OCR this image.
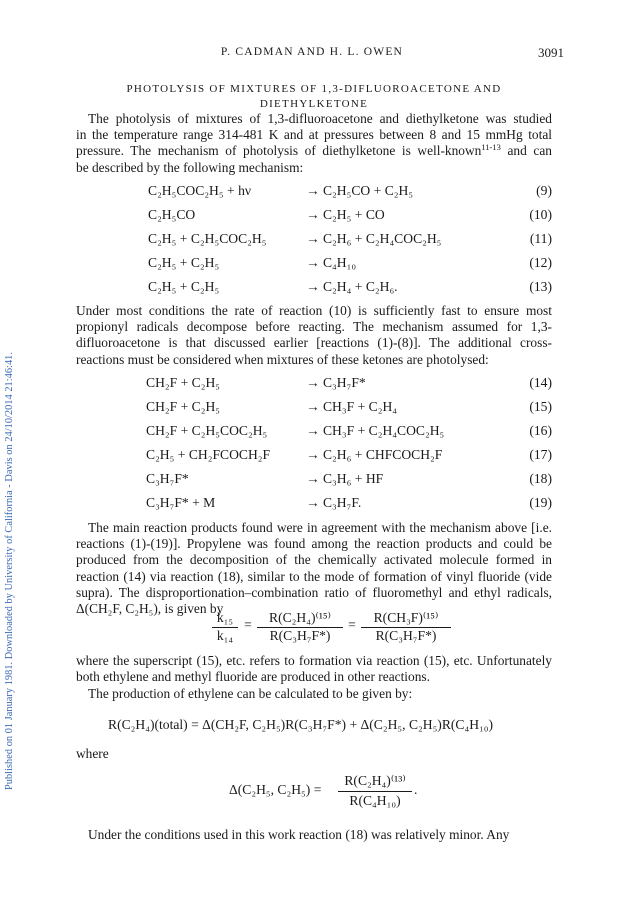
Published on 01 January 1981. Downloaded by University of California - Davis on 24/10/2014 21:46:41.
P. CADMAN AND H. L. OWEN	3091
PHOTOLYSIS OF MIXTURES OF 1,3-DIFLUOROACETONE AND
DIETHYLKETONE
The photolysis of mixtures of 1,3-difluoroacetone and diethylketone was studied
in the temperature range 314-481 K and at pressures between 8 and 15 mmHg total
pressure. The mechanism of photolysis of diethylketone is well-known$^{11-13}$ and can
be described by the following mechanism:
C₂H₅COC₂H₅ + hν	→ C₂H₅CO + C₂H₅	(9)
C₂H₅CO	→ C₂H₅ + CO	(10)
C₂H₅ + C₂H₅COC₂H₅	→ C₂H₆ + C₂H₄COC₂H₅	(11)
C₂H₅ + C₂H₅	→ C₄H₁₀	(12)
C₂H₅ + C₂H₅	→ C₂H₄ + C₂H₆.	(13)
Under most conditions the rate of reaction (10) is sufficiently fast to ensure most
propionyl radicals decompose before reacting. The mechanism assumed for 1,3-
difluoroacetone is that discussed earlier [reactions (1)-(8)]. The additional cross-
reactions must be considered when mixtures of these ketones are photolysed:
CH₂F + C₂H₅	→ C₃H₇F*	(14)
CH₂F + C₂H₅	→ CH₃F + C₂H₄	(15)
CH₂F + C₂H₅COC₂H₅	→ CH₃F + C₂H₄COC₂H₅	(16)
C₂H₅ + CH₂FCOCH₂F	→ C₂H₆ + CHFCOCH₂F	(17)
C₃H₇F*	→ C₃H₆ + HF	(18)
C₃H₇F* + M	→ C₃H₇F.	(19)
The main reaction products found were in agreement with the mechanism above [i.e.
reactions (1)-(19)]. Propylene was found among the reaction products and could be
produced from the decomposition of the chemically activated molecule formed in
reaction (14) via reaction (18), similar to the mode of formation of vinyl fluoride (vide
supra). The disproportionation–combination ratio of fluoromethyl and ethyl radicals,
Δ(CH₂F, C₂H₅), is given by
k₁₅
k₁₄
=	R(C₂H₄)⁽¹⁵⁾
R(C₃H₇F*)
=	R(CH₃F)⁽¹⁵⁾
R(C₃H₇F*)
where the superscript (15), etc. refers to formation via reaction (15), etc. Unfortunately
both ethylene and methyl fluoride are produced in other reactions.
The production of ethylene can be calculated to be given by:
R(C₂H₄)(total) = Δ(CH₂F, C₂H₅)R(C₃H₇F*) + Δ(C₂H₅, C₂H₅)R(C₄H₁₀)
where
Δ(C₂H₅, C₂H₅) =
R(C₂H₄)⁽¹³⁾
R(C₄H₁₀)
.
Under the conditions used in this work reaction (18) was relatively minor. Any
